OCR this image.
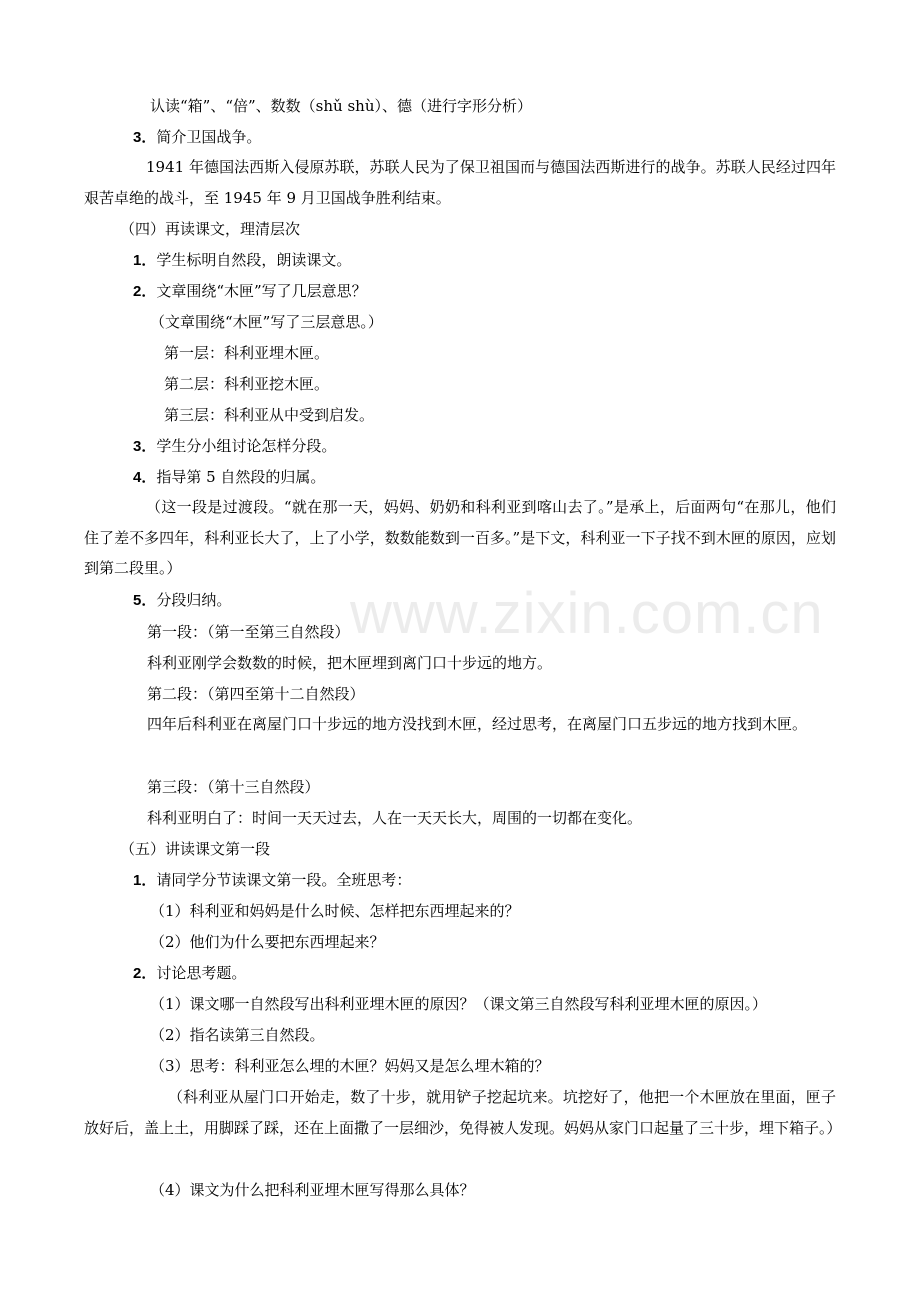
www.zixin.com.cn
认读“箱”、“倍”、数数（shǔ shù）、德（进行字形分析）
3．简介卫国战争。
1941 年德国法西斯入侵原苏联，苏联人民为了保卫祖国而与德国法西斯进行的战争。苏联人民经过四年艰苦卓绝的战斗，至 1945 年 9 月卫国战争胜利结束。
（四）再读课文，理清层次
1．学生标明自然段，朗读课文。
2．文章围绕“木匣”写了几层意思？
（文章围绕“木匣”写了三层意思。）
第一层：科利亚埋木匣。
第二层：科利亚挖木匣。
第三层：科利亚从中受到启发。
3．学生分小组讨论怎样分段。
4．指导第 5 自然段的归属。
（这一段是过渡段。“就在那一天，妈妈、奶奶和科利亚到喀山去了。”是承上，后面两句“在那儿，他们住了差不多四年，科利亚长大了，上了小学，数数能数到一百多。”是下文，科利亚一下子找不到木匣的原因，应划到第二段里。）
5．分段归纳。
第一段：（第一至第三自然段）
科利亚刚学会数数的时候，把木匣埋到离门口十步远的地方。
第二段：（第四至第十二自然段）
四年后科利亚在离屋门口十步远的地方没找到木匣，经过思考，在离屋门口五步远的地方找到木匣。
第三段：（第十三自然段）
科利亚明白了：时间一天天过去，人在一天天长大，周围的一切都在变化。
（五）讲读课文第一段
1．请同学分节读课文第一段。全班思考：
（1）科利亚和妈妈是什么时候、怎样把东西埋起来的？
（2）他们为什么要把东西埋起来？
2．讨论思考题。
（1）课文哪一自然段写出科利亚埋木匣的原因？（课文第三自然段写科利亚埋木匣的原因。）
（2）指名读第三自然段。
（3）思考：科利亚怎么埋的木匣？妈妈又是怎么埋木箱的？
（科利亚从屋门口开始走，数了十步，就用铲子挖起坑来。坑挖好了，他把一个木匣放在里面，匣子放好后，盖上土，用脚踩了踩，还在上面撒了一层细沙，免得被人发现。妈妈从家门口起量了三十步，埋下箱子。）
（4）课文为什么把科利亚埋木匣写得那么具体？
